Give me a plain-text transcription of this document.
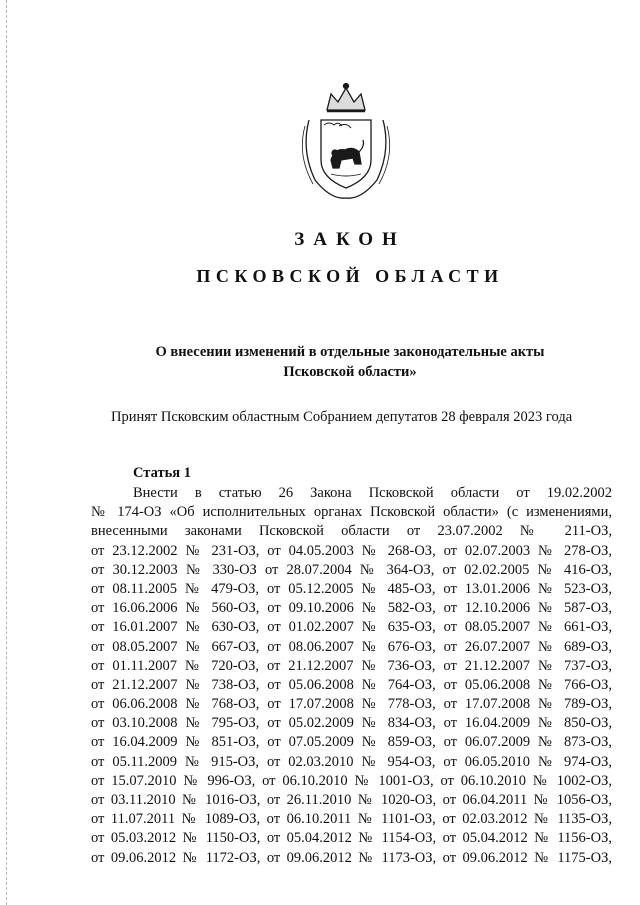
ЗАКОН
ПСКОВСКОЙ ОБЛАСТИ

О внесении изменений в отдельные законодательные акты
Псковской области»

Принят Псковским областным Собранием депутатов 28 февраля 2023 года

Статья 1

Внести в статью 26 Закона Псковской области от 19.02.2002
№ 174-ОЗ «Об исполнительных органах Псковской области» (с изменениями,
внесенными законами Псковской области от 23.07.2002 № 211-ОЗ,
от 23.12.2002 № 231-ОЗ, от 04.05.2003 № 268-ОЗ, от 02.07.2003 № 278-ОЗ,
от 30.12.2003 № 330-ОЗ от 28.07.2004 № 364-ОЗ, от 02.02.2005 № 416-ОЗ,
от 08.11.2005 № 479-ОЗ, от 05.12.2005 № 485-ОЗ, от 13.01.2006 № 523-ОЗ,
от 16.06.2006 № 560-ОЗ, от 09.10.2006 № 582-ОЗ, от 12.10.2006 № 587-ОЗ,
от 16.01.2007 № 630-ОЗ, от 01.02.2007 № 635-ОЗ, от 08.05.2007 № 661-ОЗ,
от 08.05.2007 № 667-ОЗ, от 08.06.2007 № 676-ОЗ, от 26.07.2007 № 689-ОЗ,
от 01.11.2007 № 720-ОЗ, от 21.12.2007 № 736-ОЗ, от 21.12.2007 № 737-ОЗ,
от 21.12.2007 № 738-ОЗ, от 05.06.2008 № 764-ОЗ, от 05.06.2008 № 766-ОЗ,
от 06.06.2008 № 768-ОЗ, от 17.07.2008 № 778-ОЗ, от 17.07.2008 № 789-ОЗ,
от 03.10.2008 № 795-ОЗ, от 05.02.2009 № 834-ОЗ, от 16.04.2009 № 850-ОЗ,
от 16.04.2009 № 851-ОЗ, от 07.05.2009 № 859-ОЗ, от 06.07.2009 № 873-ОЗ,
от 05.11.2009 № 915-ОЗ, от 02.03.2010 № 954-ОЗ, от 06.05.2010 № 974-ОЗ,
от 15.07.2010 № 996-ОЗ, от 06.10.2010 № 1001-ОЗ, от 06.10.2010 № 1002-ОЗ,
от 03.11.2010 № 1016-ОЗ, от 26.11.2010 № 1020-ОЗ, от 06.04.2011 № 1056-ОЗ,
от 11.07.2011 № 1089-ОЗ, от 06.10.2011 № 1101-ОЗ, от 02.03.2012 № 1135-ОЗ,
от 05.03.2012 № 1150-ОЗ, от 05.04.2012 № 1154-ОЗ, от 05.04.2012 № 1156-ОЗ,
от 09.06.2012 № 1172-ОЗ, от 09.06.2012 № 1173-ОЗ, от 09.06.2012 № 1175-ОЗ,
